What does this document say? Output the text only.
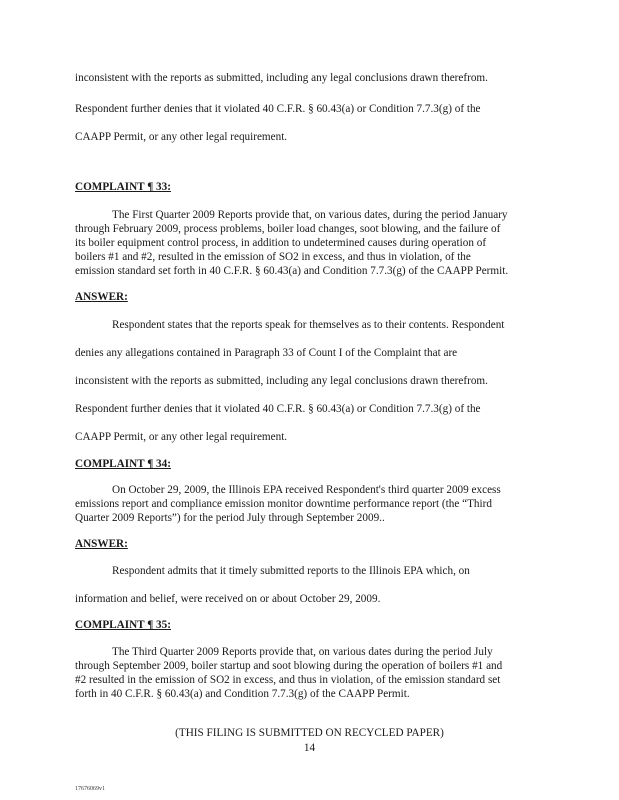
inconsistent with the reports as submitted, including any legal conclusions drawn therefrom.
Respondent further denies that it violated 40 C.F.R. § 60.43(a) or Condition 7.7.3(g) of the
CAAPP Permit, or any other legal requirement.
COMPLAINT ¶ 33:
The First Quarter 2009 Reports provide that, on various dates, during the period January
through February 2009, process problems, boiler load changes, soot blowing, and the failure of
its boiler equipment control process, in addition to undetermined causes during operation of
boilers #1 and #2, resulted in the emission of SO2 in excess, and thus in violation, of the
emission standard set forth in 40 C.F.R. § 60.43(a) and Condition 7.7.3(g) of the CAAPP Permit.
ANSWER:
Respondent states that the reports speak for themselves as to their contents. Respondent
denies any allegations contained in Paragraph 33 of Count I of the Complaint that are
inconsistent with the reports as submitted, including any legal conclusions drawn therefrom.
Respondent further denies that it violated 40 C.F.R. § 60.43(a) or Condition 7.7.3(g) of the
CAAPP Permit, or any other legal requirement.
COMPLAINT ¶ 34:
On October 29, 2009, the Illinois EPA received Respondent's third quarter 2009 excess
emissions report and compliance emission monitor downtime performance report (the “Third
Quarter 2009 Reports”) for the period July through September 2009..
ANSWER:
Respondent admits that it timely submitted reports to the Illinois EPA which, on
information and belief, were received on or about October 29, 2009.
COMPLAINT ¶ 35:
The Third Quarter 2009 Reports provide that, on various dates during the period July
through September 2009, boiler startup and soot blowing during the operation of boilers #1 and
#2 resulted in the emission of SO2 in excess, and thus in violation, of the emission standard set
forth in 40 C.F.R. § 60.43(a) and Condition 7.7.3(g) of the CAAPP Permit.
(THIS FILING IS SUBMITTED ON RECYCLED PAPER)
14
17676069v1
